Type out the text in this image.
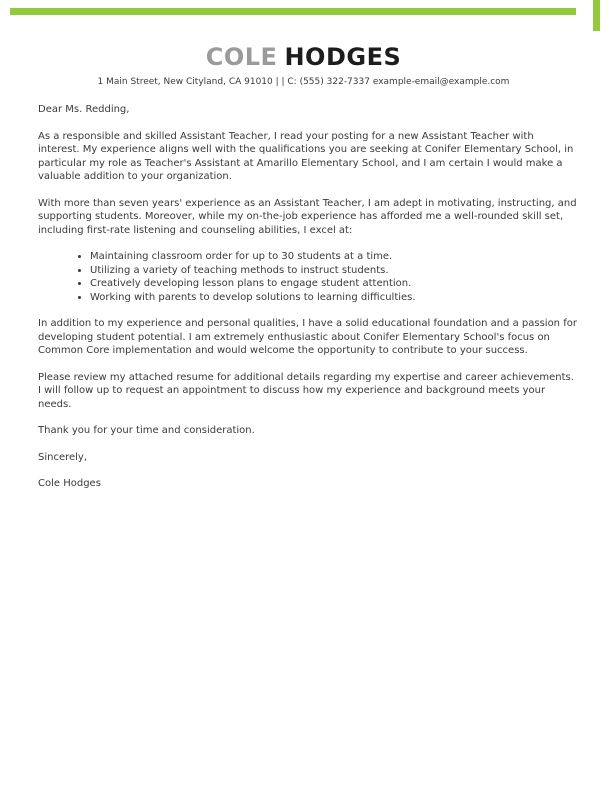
COLE HODGES
1 Main Street, New Cityland, CA 91010 | | C: (555) 322-7337 example-email@example.com

Dear Ms. Redding,

As a responsible and skilled Assistant Teacher, I read your posting for a new Assistant Teacher with interest. My experience aligns well with the qualifications you are seeking at Conifer Elementary School, in particular my role as Teacher's Assistant at Amarillo Elementary School, and I am certain I would make a valuable addition to your organization.

With more than seven years' experience as an Assistant Teacher, I am adept in motivating, instructing, and supporting students. Moreover, while my on-the-job experience has afforded me a well-rounded skill set, including first-rate listening and counseling abilities, I excel at:

• Maintaining classroom order for up to 30 students at a time.
• Utilizing a variety of teaching methods to instruct students.
• Creatively developing lesson plans to engage student attention.
• Working with parents to develop solutions to learning difficulties.

In addition to my experience and personal qualities, I have a solid educational foundation and a passion for developing student potential. I am extremely enthusiastic about Conifer Elementary School's focus on Common Core implementation and would welcome the opportunity to contribute to your success.

Please review my attached resume for additional details regarding my expertise and career achievements. I will follow up to request an appointment to discuss how my experience and background meets your needs.

Thank you for your time and consideration.

Sincerely,

Cole Hodges
